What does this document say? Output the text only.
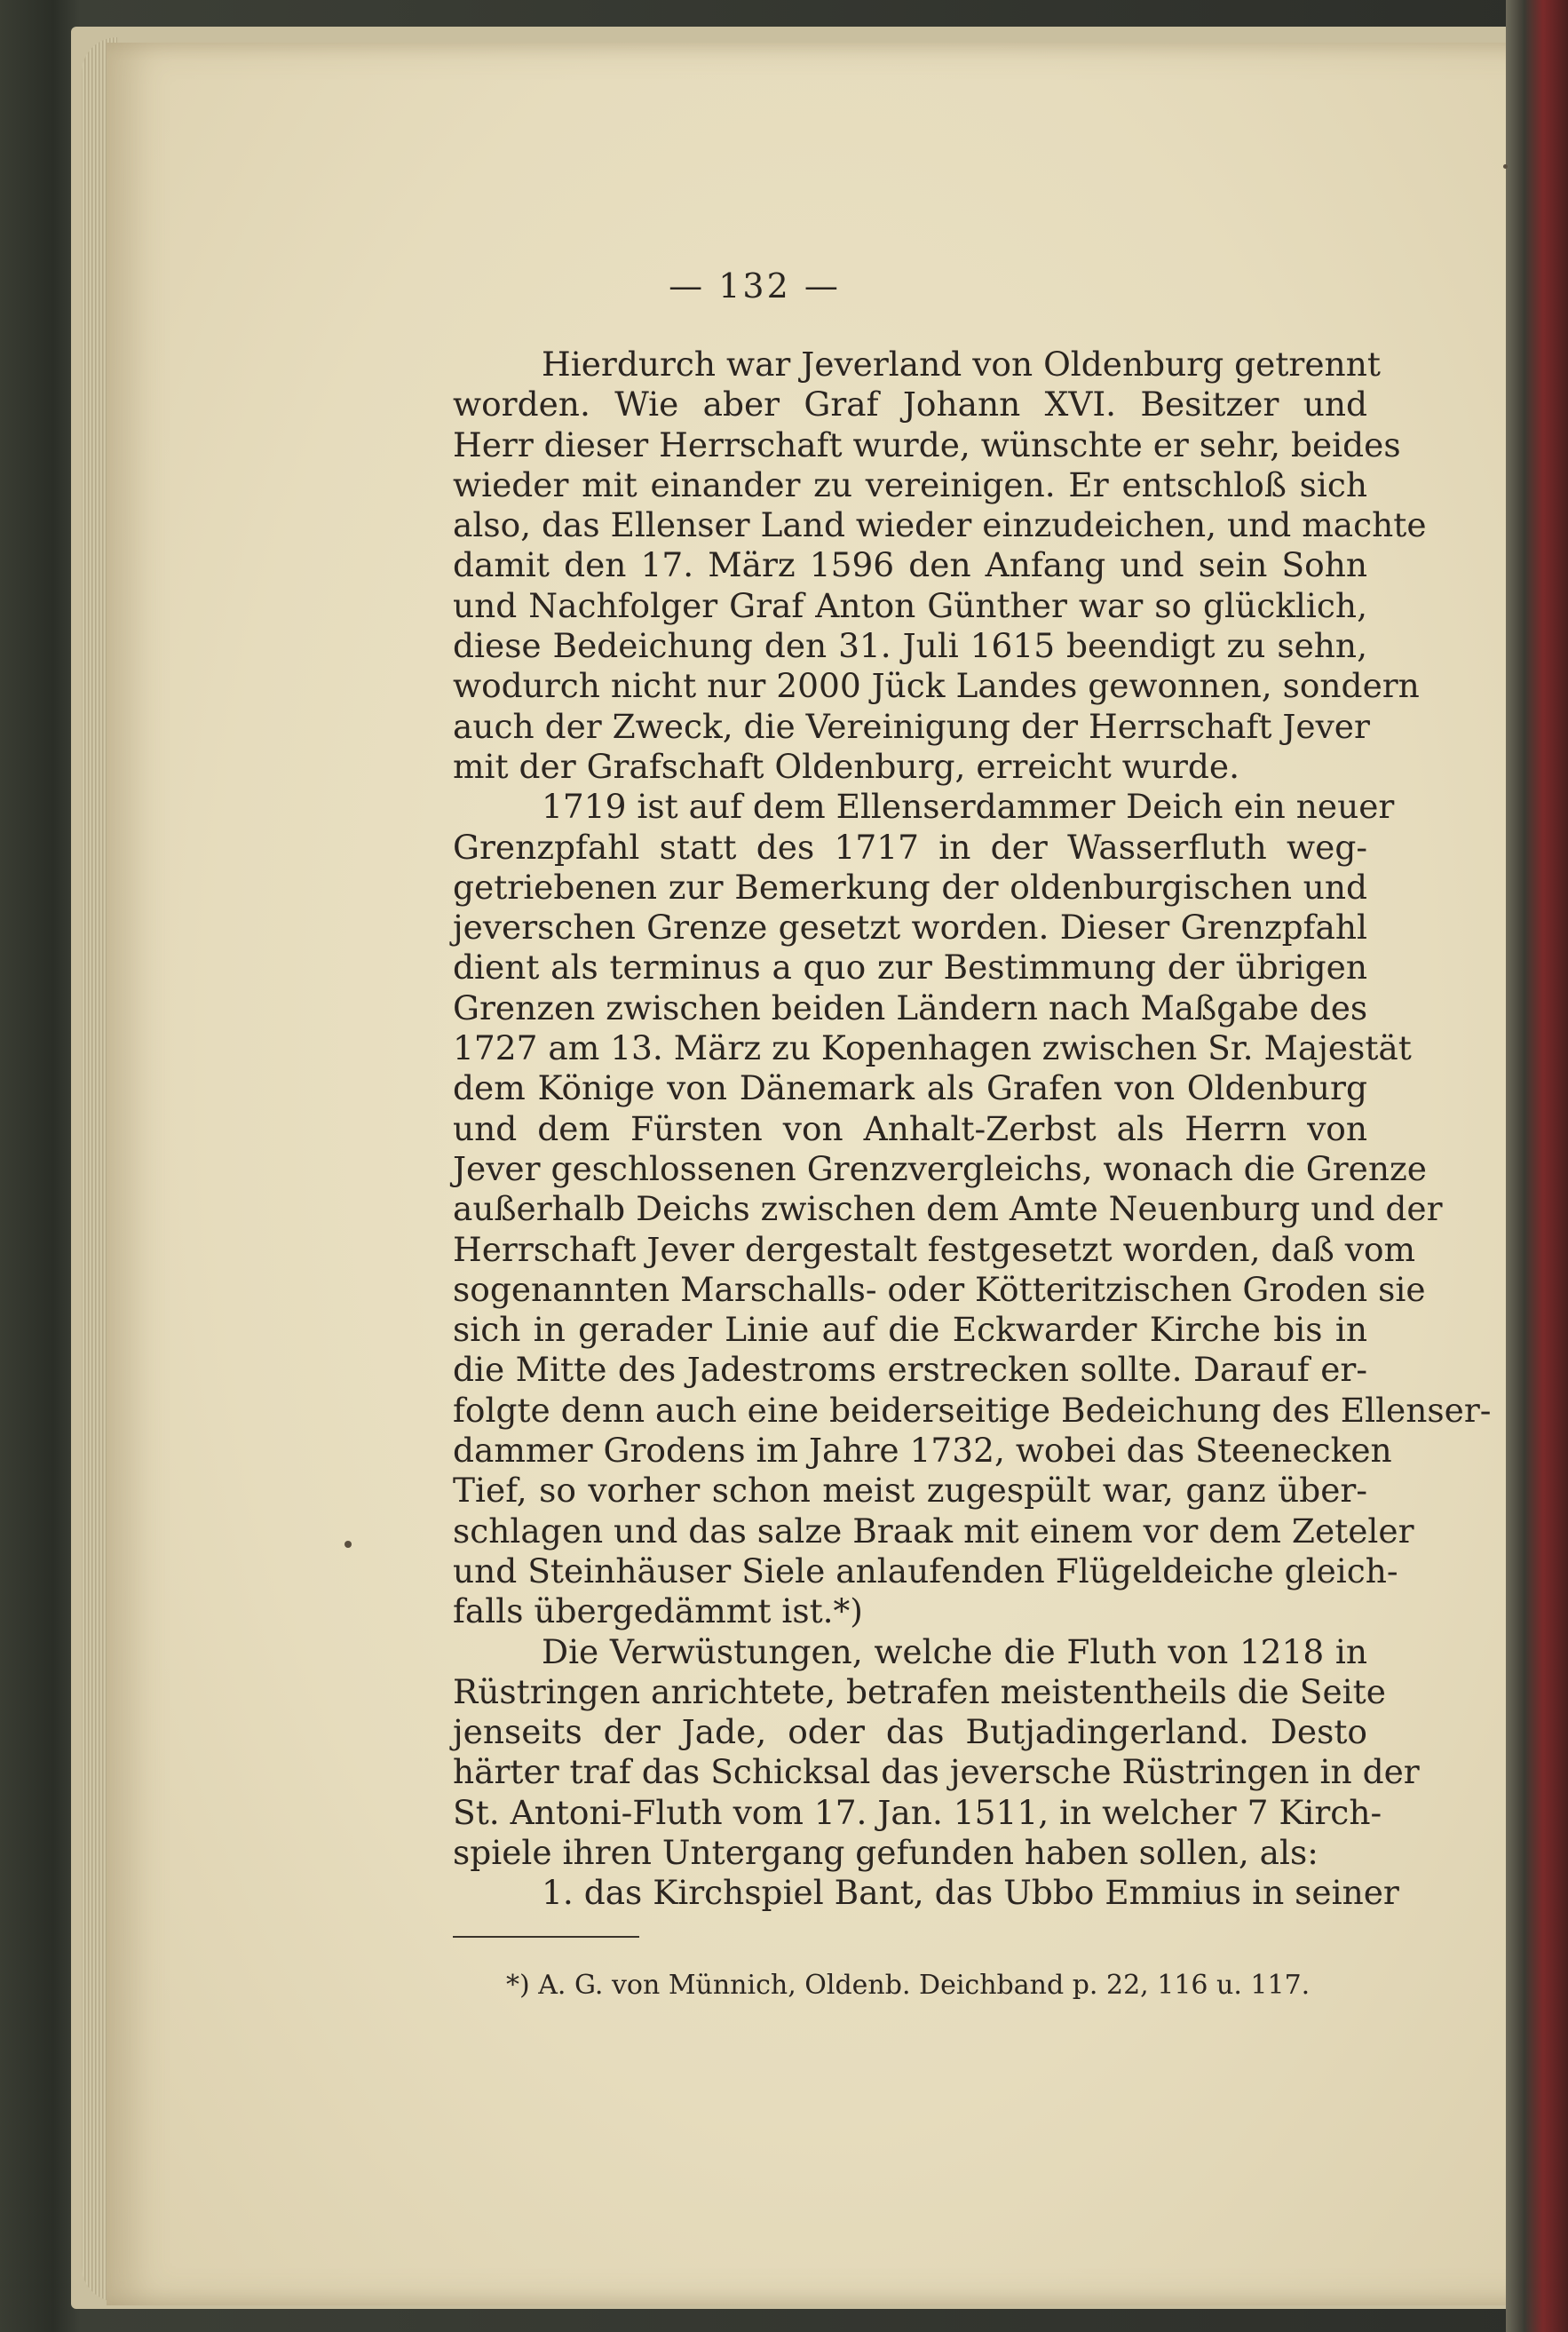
— 132 —
Hierdurch war Jeverland von Oldenburg getrennt
worden. Wie aber Graf Johann XVI. Besitzer und
Herr dieser Herrschaft wurde, wünschte er sehr, beides
wieder mit einander zu vereinigen. Er entschloß sich
also, das Ellenser Land wieder einzudeichen, und machte
damit den 17. März 1596 den Anfang und sein Sohn
und Nachfolger Graf Anton Günther war so glücklich,
diese Bedeichung den 31. Juli 1615 beendigt zu sehn,
wodurch nicht nur 2000 Jück Landes gewonnen, sondern
auch der Zweck, die Vereinigung der Herrschaft Jever
mit der Grafschaft Oldenburg, erreicht wurde.
1719 ist auf dem Ellenserdammer Deich ein neuer
Grenzpfahl statt des 1717 in der Wasserfluth weg-
getriebenen zur Bemerkung der oldenburgischen und
jeverschen Grenze gesetzt worden. Dieser Grenzpfahl
dient als terminus a quo zur Bestimmung der übrigen
Grenzen zwischen beiden Ländern nach Maßgabe des
1727 am 13. März zu Kopenhagen zwischen Sr. Majestät
dem Könige von Dänemark als Grafen von Oldenburg
und dem Fürsten von Anhalt-Zerbst als Herrn von
Jever geschlossenen Grenzvergleichs, wonach die Grenze
außerhalb Deichs zwischen dem Amte Neuenburg und der
Herrschaft Jever dergestalt festgesetzt worden, daß vom
sogenannten Marschalls- oder Kötteritzischen Groden sie
sich in gerader Linie auf die Eckwarder Kirche bis in
die Mitte des Jadestroms erstrecken sollte. Darauf er-
folgte denn auch eine beiderseitige Bedeichung des Ellenser-
dammer Grodens im Jahre 1732, wobei das Steenecken
Tief, so vorher schon meist zugespült war, ganz über-
schlagen und das salze Braak mit einem vor dem Zeteler
und Steinhäuser Siele anlaufenden Flügeldeiche gleich-
falls übergedämmt ist.*)
Die Verwüstungen, welche die Fluth von 1218 in
Rüstringen anrichtete, betrafen meistentheils die Seite
jenseits der Jade, oder das Butjadingerland. Desto
härter traf das Schicksal das jeversche Rüstringen in der
St. Antoni-Fluth vom 17. Jan. 1511, in welcher 7 Kirch-
spiele ihren Untergang gefunden haben sollen, als:
1. das Kirchspiel Bant, das Ubbo Emmius in seiner
*) A. G. von Münnich, Oldenb. Deichband p. 22, 116 u. 117.
